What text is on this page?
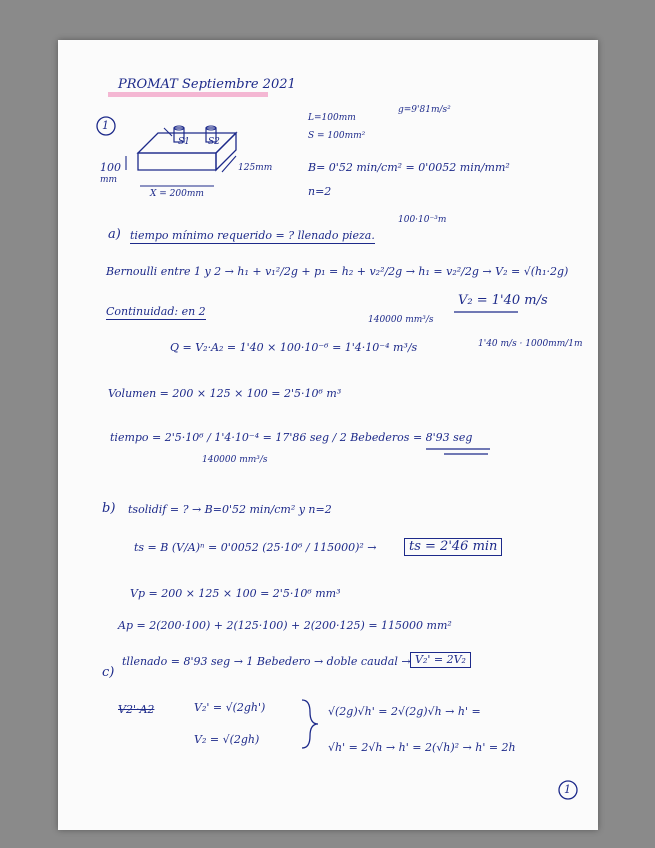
PROMAT Septiembre 2021
1
S1 S2
100
mm
125mm
X = 200mm
L=100mm
S = 100mm²
g=9'81m/s²
B= 0'52 min/cm² = 0'0052 min/mm²
n=2
a) tiempo mínimo requerido = ? llenado pieza.
100·10⁻³m
Bernoulli entre 1 y 2 → h₁ + v₁²/2g + p₁ = h₂ + v₂²/2g → h₁ = v₂²/2g → V₂ = √(h₁·2g)
V₂ = 1'40 m/s
Continuidad: en 2
140000 mm³/s
Q = V₂·A₂ = 1'40 × 100·10⁻⁶ = 1'4·10⁻⁴ m³/s	1'40 m/s · 1000mm/1m
Volumen = 200 × 125 × 100 = 2'5·10⁶ m³
tiempo = 2'5·10⁶ / 1'4·10⁻⁴ = 17'86 seg / 2 Bebederos = 8'93 seg
140000 mm³/s
b) tsolidif = ? → B=0'52 min/cm² y n=2
ts = B (V/A)ⁿ = 0'0052 (25·10⁶ / 115000)² →	ts = 2'46 min
Vp = 200 × 125 × 100 = 2'5·10⁶ mm³
Ap = 2(200·100) + 2(125·100) + 2(200·125) = 115000 mm²
c)
tllenado = 8'93 seg → 1 Bebedero → doble caudal → V₂' = 2V₂
V2'·A2	V₂' = √(2gh')
V₂ = √(2gh)
√(2g)√h' = 2√(2g)√h → h' =
√h' = 2√h → h' = 2(√h)² → h' = 2h
1
